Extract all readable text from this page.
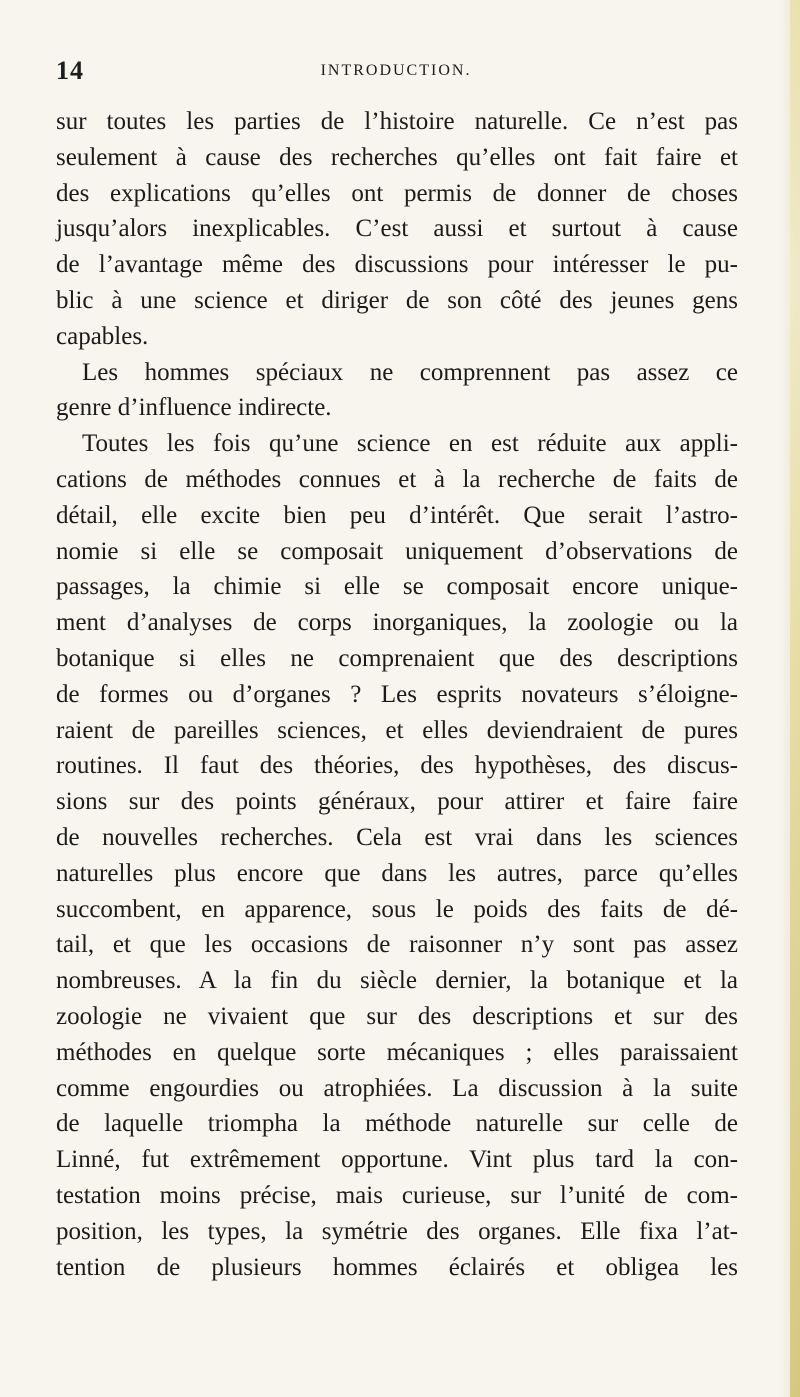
14	INTRODUCTION.
sur toutes les parties de l’histoire naturelle. Ce n’est pas
seulement à cause des recherches qu’elles ont fait faire et
des explications qu’elles ont permis de donner de choses
jusqu’alors inexplicables. C’est aussi et surtout à cause
de l’avantage même des discussions pour intéresser le pu-
blic à une science et diriger de son côté des jeunes gens
capables.
Les hommes spéciaux ne comprennent pas assez ce
genre d’influence indirecte.
Toutes les fois qu’une science en est réduite aux appli-
cations de méthodes connues et à la recherche de faits de
détail, elle excite bien peu d’intérêt. Que serait l’astro-
nomie si elle se composait uniquement d’observations de
passages, la chimie si elle se composait encore unique-
ment d’analyses de corps inorganiques, la zoologie ou la
botanique si elles ne comprenaient que des descriptions
de formes ou d’organes ? Les esprits novateurs s’éloigne-
raient de pareilles sciences, et elles deviendraient de pures
routines. Il faut des théories, des hypothèses, des discus-
sions sur des points généraux, pour attirer et faire faire
de nouvelles recherches. Cela est vrai dans les sciences
naturelles plus encore que dans les autres, parce qu’elles
succombent, en apparence, sous le poids des faits de dé-
tail, et que les occasions de raisonner n’y sont pas assez
nombreuses. A la fin du siècle dernier, la botanique et la
zoologie ne vivaient que sur des descriptions et sur des
méthodes en quelque sorte mécaniques ; elles paraissaient
comme engourdies ou atrophiées. La discussion à la suite
de laquelle triompha la méthode naturelle sur celle de
Linné, fut extrêmement opportune. Vint plus tard la con-
testation moins précise, mais curieuse, sur l’unité de com-
position, les types, la symétrie des organes. Elle fixa l’at-
tention de plusieurs hommes éclairés et obligea les
